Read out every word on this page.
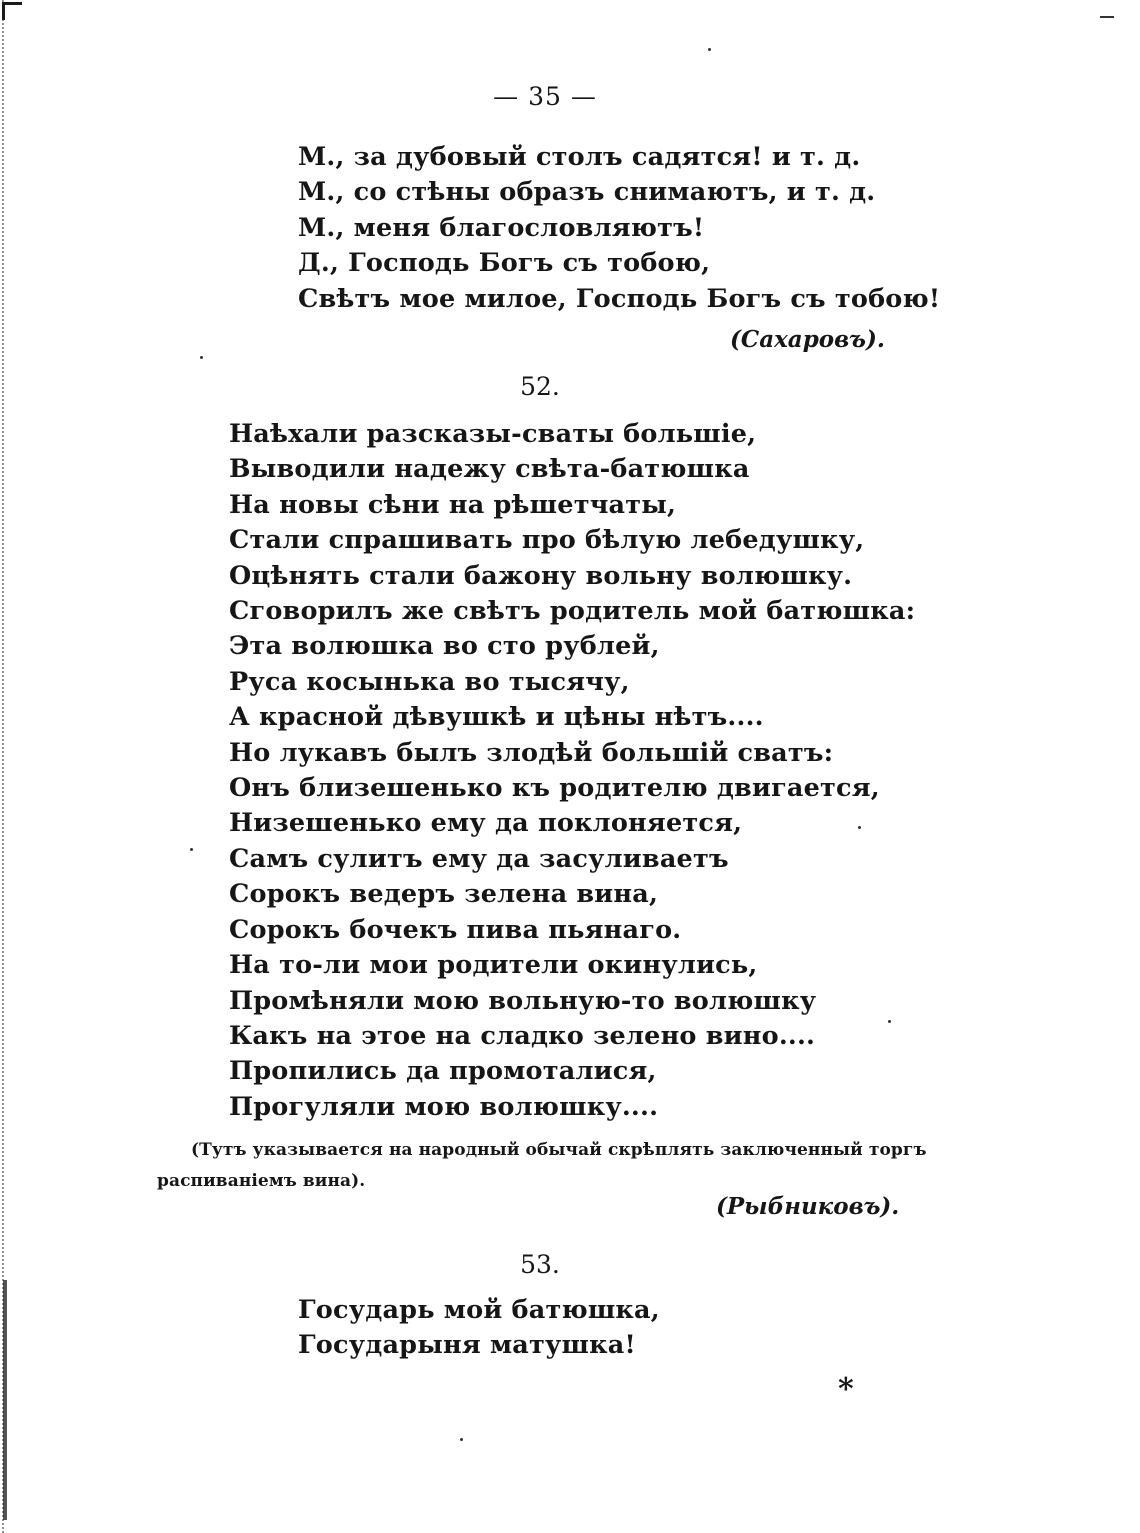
— 35 —
М., за дубовый столъ садятся! и т. д.
М., со стѣны образъ снимаютъ, и т. д.
М., меня благословляютъ!
Д., Господь Богъ съ тобою,
Свѣтъ мое милое, Господь Богъ съ тобою!
(Сахаровъ).
52.
Наѣхали разсказы-сваты большіе,
Выводили надежу свѣта-батюшка
На новы сѣни на рѣшетчаты,
Стали спрашивать про бѣлую лебедушку,
Оцѣнять стали бажону вольну волюшку.
Сговорилъ же свѣтъ родитель мой батюшка:
Эта волюшка во сто рублей,
Руса косынька во тысячу,
А красной дѣвушкѣ и цѣны нѣтъ....
Но лукавъ былъ злодѣй большій сватъ:
Онъ близешенько къ родителю двигается,
Низешенько ему да поклоняется,
Самъ сулитъ ему да засуливаетъ
Сорокъ ведеръ зелена вина,
Сорокъ бочекъ пива пьянаго.
На то-ли мои родители окинулись,
Промѣняли мою вольную-то волюшку
Какъ на этое на сладко зелено вино....
Пропились да промоталися,
Прогуляли мою волюшку....
(Тутъ указывается на народный обычай скрѣплять заключенный торгъ
распиваніемъ вина).
(Рыбниковъ).
53.
Государь мой батюшка,
Государыня матушка!
*
